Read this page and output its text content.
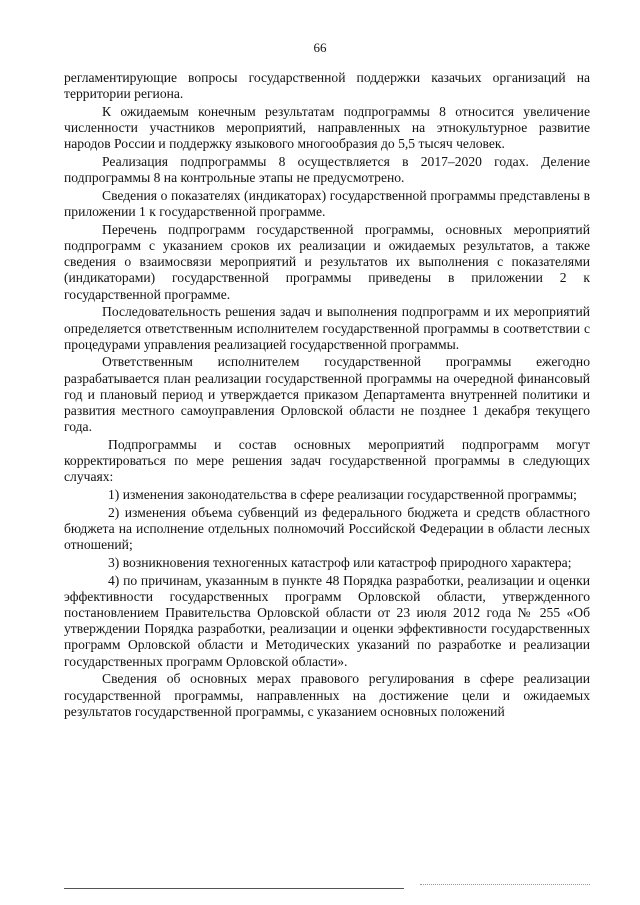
66

регламентирующие вопросы государственной поддержки казачьих организаций на территории региона.

К ожидаемым конечным результатам подпрограммы 8 относится увеличение численности участников мероприятий, направленных на этнокультурное развитие народов России и поддержку языкового многообразия до 5,5 тысяч человек.

Реализация подпрограммы 8 осуществляется в 2017–2020 годах. Деление подпрограммы 8 на контрольные этапы не предусмотрено.

Сведения о показателях (индикаторах) государственной программы представлены в приложении 1 к государственной программе.

Перечень подпрограмм государственной программы, основных мероприятий подпрограмм с указанием сроков их реализации и ожидаемых результатов, а также сведения о взаимосвязи мероприятий и результатов их выполнения с показателями (индикаторами) государственной программы приведены в приложении 2 к государственной программе.

Последовательность решения задач и выполнения подпрограмм и их мероприятий определяется ответственным исполнителем государственной программы в соответствии с процедурами управления реализацией государственной программы.

Ответственным исполнителем государственной программы ежегодно разрабатывается план реализации государственной программы на очередной финансовый год и плановый период и утверждается приказом Департамента внутренней политики и развития местного самоуправления Орловской области не позднее 1 декабря текущего года.

Подпрограммы и состав основных мероприятий подпрограмм могут корректироваться по мере решения задач государственной программы в следующих случаях:

1) изменения законодательства в сфере реализации государственной программы;

2) изменения объема субвенций из федерального бюджета и средств областного бюджета на исполнение отдельных полномочий Российской Федерации в области лесных отношений;

3) возникновения техногенных катастроф или катастроф природного характера;

4) по причинам, указанным в пункте 48 Порядка разработки, реализации и оценки эффективности государственных программ Орловской области, утвержденного постановлением Правительства Орловской области от 23 июля 2012 года № 255 «Об утверждении Порядка разработки, реализации и оценки эффективности государственных программ Орловской области и Методических указаний по разработке и реализации государственных программ Орловской области».

Сведения об основных мерах правового регулирования в сфере реализации государственной программы, направленных на достижение цели и ожидаемых результатов государственной программы, с указанием основных положений
